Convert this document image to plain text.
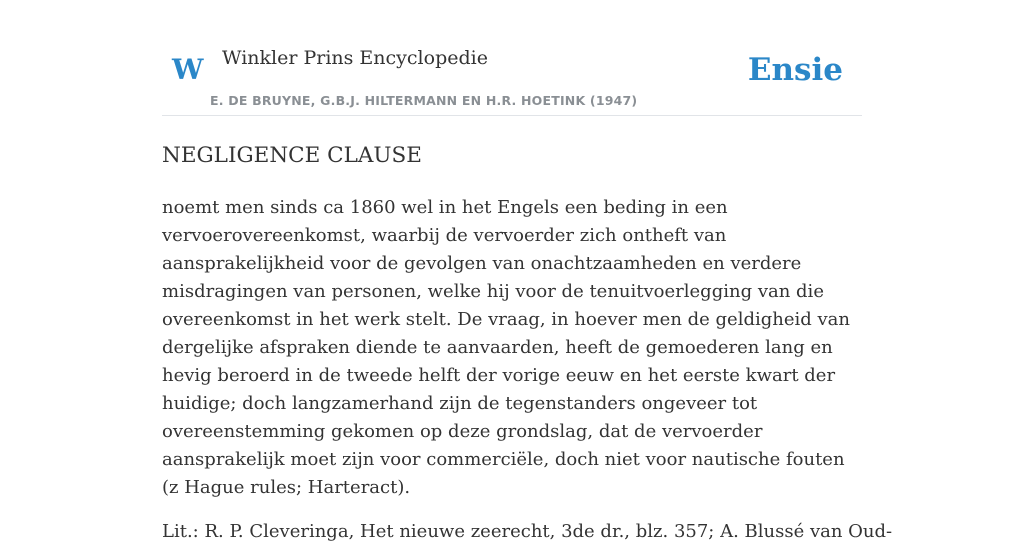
W Winkler Prins Encyclopedie
E. DE BRUYNE, G.B.J. HILTERMANN EN H.R. HOETINK (1947)
Ensie
NEGLIGENCE CLAUSE

noemt men sinds ca 1860 wel in het Engels een beding in een vervoerovereenkomst, waarbij de vervoerder zich ontheft van aansprakelijkheid voor de gevolgen van onachtzaamheden en verdere misdragingen van personen, welke hij voor de tenuitvoerlegging van die overeenkomst in het werk stelt. De vraag, in hoever men de geldigheid van dergelijke afspraken diende te aanvaarden, heeft de gemoederen lang en hevig beroerd in de tweede helft der vorige eeuw en het eerste kwart der huidige; doch langzamerhand zijn de tegenstanders ongeveer tot overeenstemming gekomen op deze grondslag, dat de vervoerder aansprakelijk moet zijn voor commerciële, doch niet voor nautische fouten (z Hague rules; Harteract).

Lit.: R. P. Cleveringa, Het nieuwe zeerecht, 3de dr., blz. 357; A. Blussé van Oud-
